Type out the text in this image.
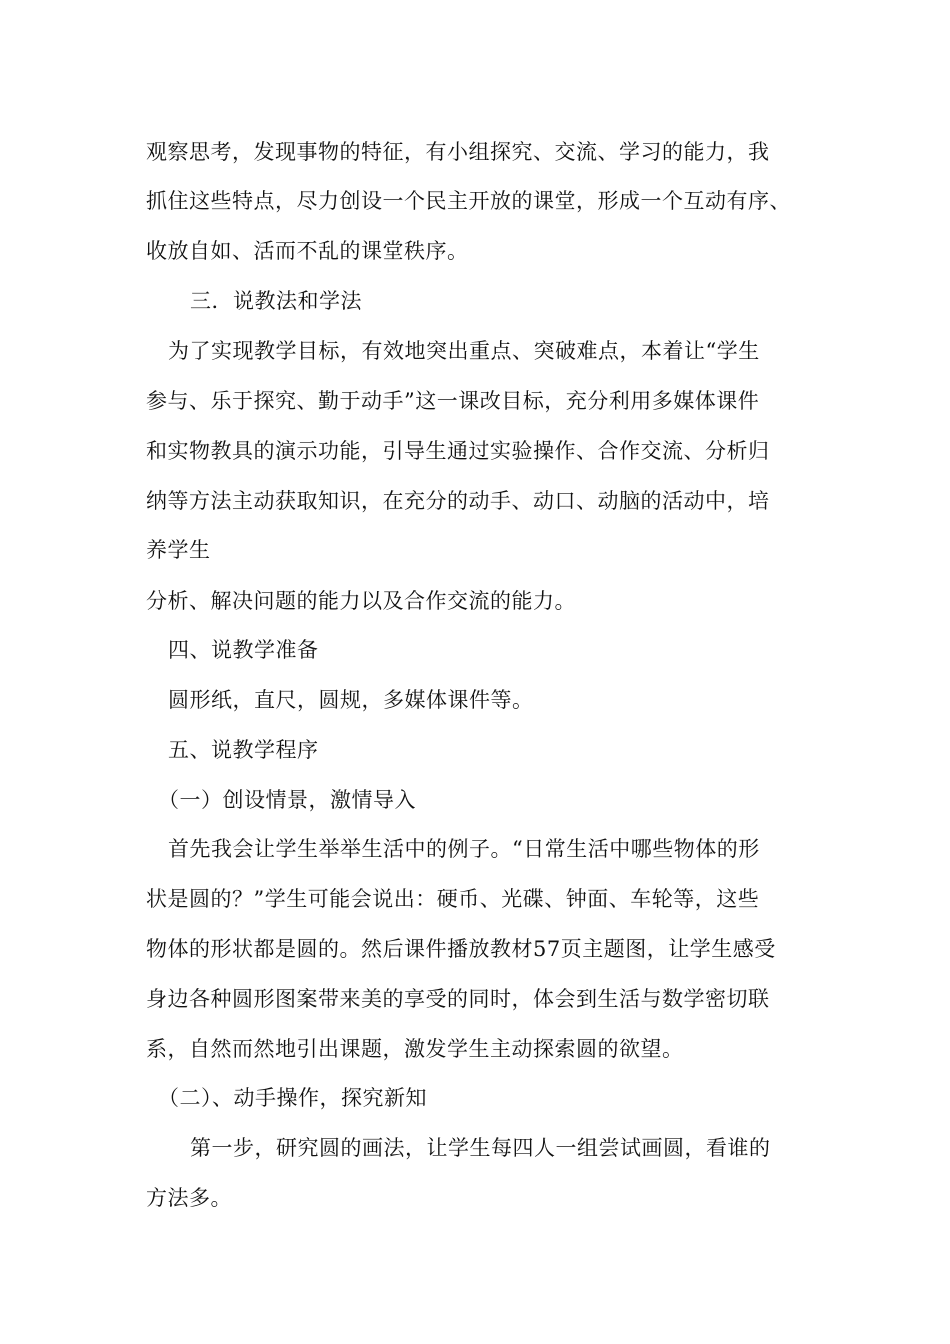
观察思考，发现事物的特征，有小组探究、交流、学习的能力，我
抓住这些特点，尽力创设一个民主开放的课堂，形成一个互动有序、
收放自如、活而不乱的课堂秩序。
三．说教法和学法
为了实现教学目标，有效地突出重点、突破难点，本着让“学生
参与、乐于探究、勤于动手”这一课改目标，充分利用多媒体课件
和实物教具的演示功能，引导生通过实验操作、合作交流、分析归
纳等方法主动获取知识，在充分的动手、动口、动脑的活动中，培
养学生
分析、解决问题的能力以及合作交流的能力。
四、说教学准备
圆形纸，直尺，圆规，多媒体课件等。
五、说教学程序
（一）创设情景，激情导入
首先我会让学生举举生活中的例子。“日常生活中哪些物体的形
状是圆的？”学生可能会说出：硬币、光碟、钟面、车轮等，这些
物体的形状都是圆的。然后课件播放教材57页主题图，让学生感受
身边各种圆形图案带来美的享受的同时，体会到生活与数学密切联
系，自然而然地引出课题，激发学生主动探索圆的欲望。
（二）、动手操作，探究新知
第一步，研究圆的画法，让学生每四人一组尝试画圆，看谁的
方法多。
